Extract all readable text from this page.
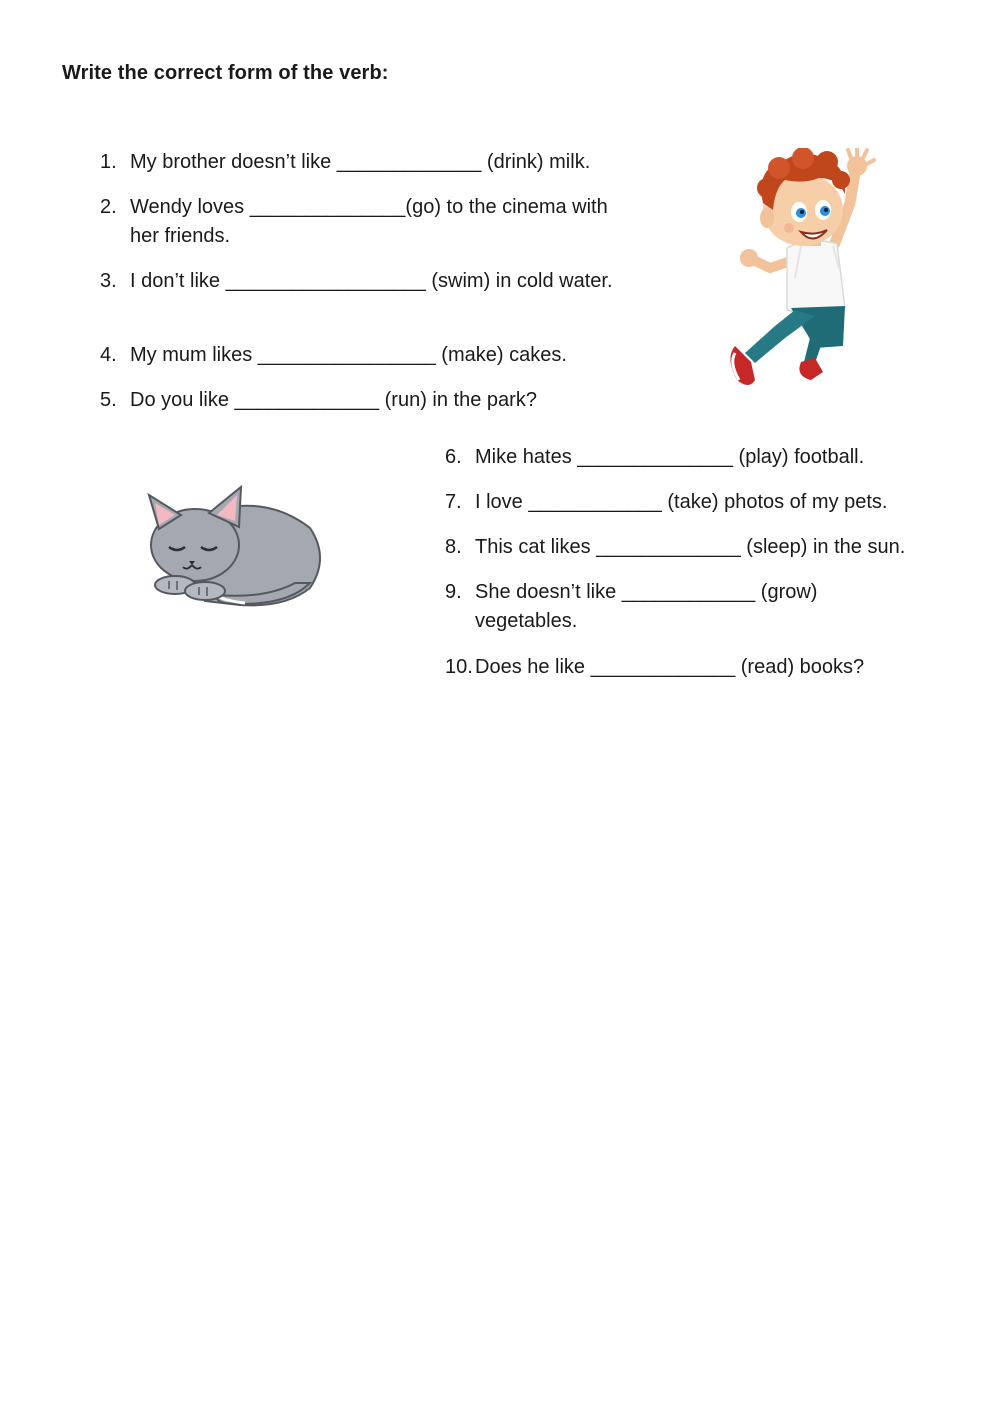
Write the correct form of the verb:
1. My brother doesn’t like _____________ (drink) milk.
2. Wendy loves ______________(go) to the cinema with her friends.
3. I don’t like __________________ (swim) in cold water.
4. My mum likes ________________ (make) cakes.
5. Do you like _____________ (run) in the park?
6. Mike hates ______________ (play) football.
7. I love ____________ (take) photos of my pets.
8. This cat likes _____________ (sleep) in the sun.
9. She doesn’t like ____________ (grow) vegetables.
10. Does he like _____________ (read) books?
